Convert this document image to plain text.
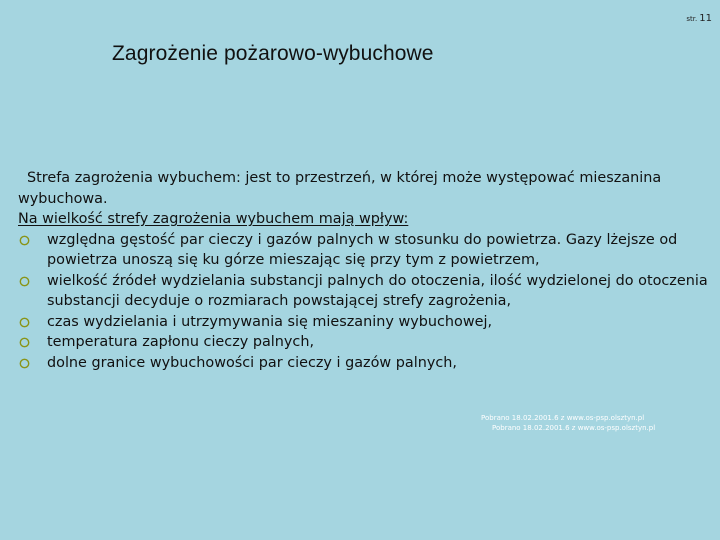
str. 11
Zagrożenie pożarowo-wybuchowe

Strefa zagrożenia wybuchem: jest to przestrzeń, w której może występować mieszanina wybuchowa.

Na wielkość strefy zagrożenia wybuchem mają wpływ:

względna gęstość par cieczy i gazów palnych w stosunku do powietrza. Gazy lżejsze od powietrza unoszą się ku górze mieszając się przy tym z powietrzem,
wielkość źródeł wydzielania substancji palnych do otoczenia, ilość wydzielonej do otoczenia substancji decyduje o rozmiarach powstającej strefy zagrożenia,
czas wydzielania i utrzymywania się mieszaniny wybuchowej,
temperatura zapłonu cieczy palnych,
dolne granice wybuchowości par cieczy i gazów palnych,
Pobrano 18.02.2001.6 z www.os-psp.olsztyn.pl
Pobrano 18.02.2001.6 z www.os-psp.olsztyn.pl
